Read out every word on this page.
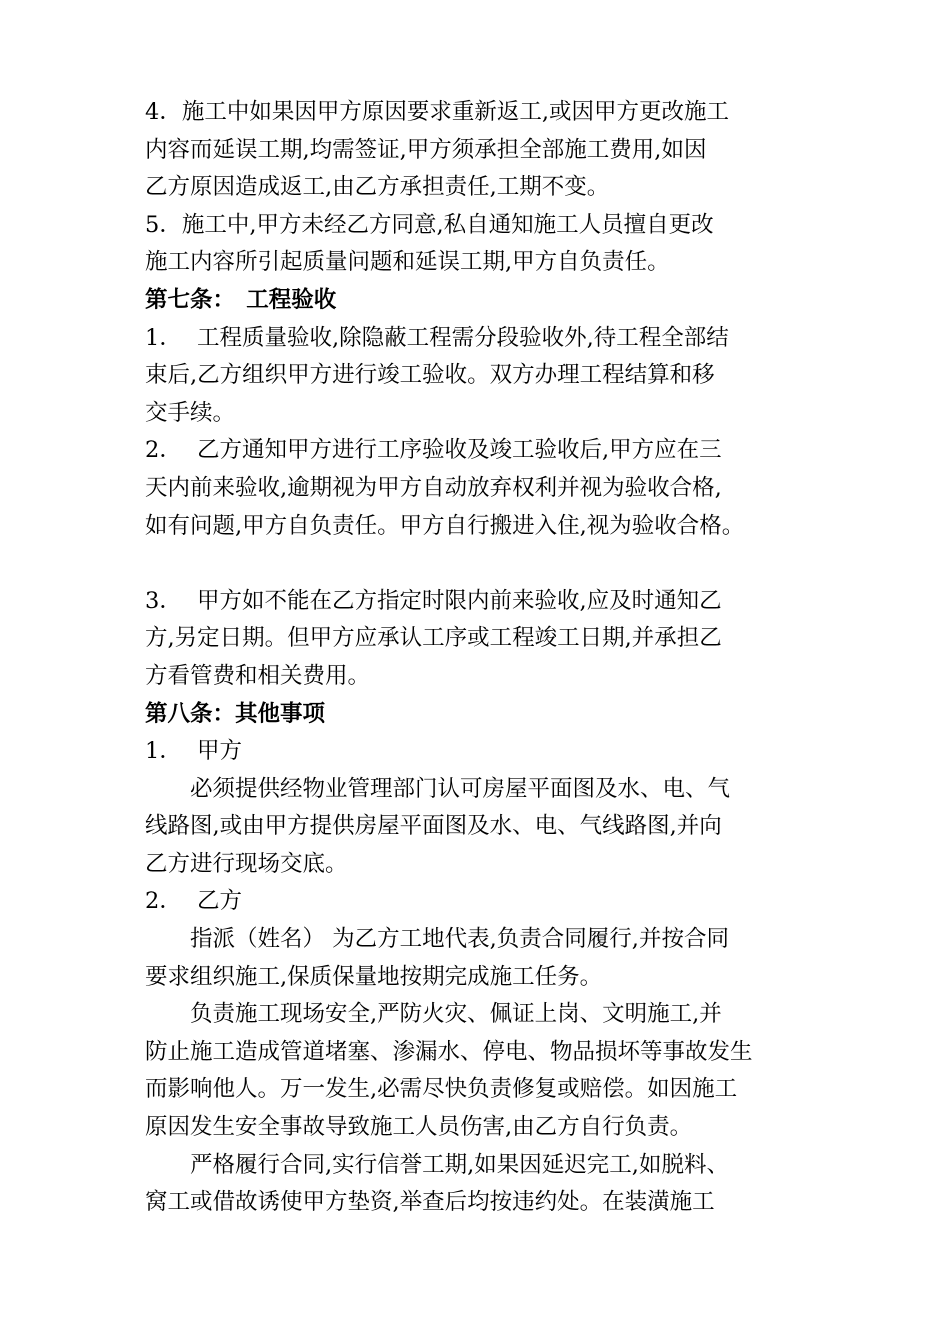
4．施工中如果因甲方原因要求重新返工,或因甲方更改施工
内容而延误工期,均需签证,甲方须承担全部施工费用,如因
乙方原因造成返工,由乙方承担责任,工期不变。
5．施工中,甲方未经乙方同意,私自通知施工人员擅自更改
施工内容所引起质量问题和延误工期,甲方自负责任。
第七条：　工程验收
1． 工程质量验收,除隐蔽工程需分段验收外,待工程全部结
束后,乙方组织甲方进行竣工验收。双方办理工程结算和移
交手续。
2． 乙方通知甲方进行工序验收及竣工验收后,甲方应在三
天内前来验收,逾期视为甲方自动放弃权利并视为验收合格,
如有问题,甲方自负责任。甲方自行搬进入住,视为验收合格。
3． 甲方如不能在乙方指定时限内前来验收,应及时通知乙
方,另定日期。但甲方应承认工序或工程竣工日期,并承担乙
方看管费和相关费用。
第八条：其他事项
1． 甲方
必须提供经物业管理部门认可房屋平面图及水、电、气
线路图,或由甲方提供房屋平面图及水、电、气线路图,并向
乙方进行现场交底。
2． 乙方
指派（姓名） 为乙方工地代表,负责合同履行,并按合同
要求组织施工,保质保量地按期完成施工任务。
负责施工现场安全,严防火灾、佩证上岗、文明施工,并
防止施工造成管道堵塞、渗漏水、停电、物品损坏等事故发生
而影响他人。万一发生,必需尽快负责修复或赔偿。如因施工
原因发生安全事故导致施工人员伤害,由乙方自行负责。
严格履行合同,实行信誉工期,如果因延迟完工,如脱料、
窝工或借故诱使甲方垫资,举查后均按违约处。在装潢施工
